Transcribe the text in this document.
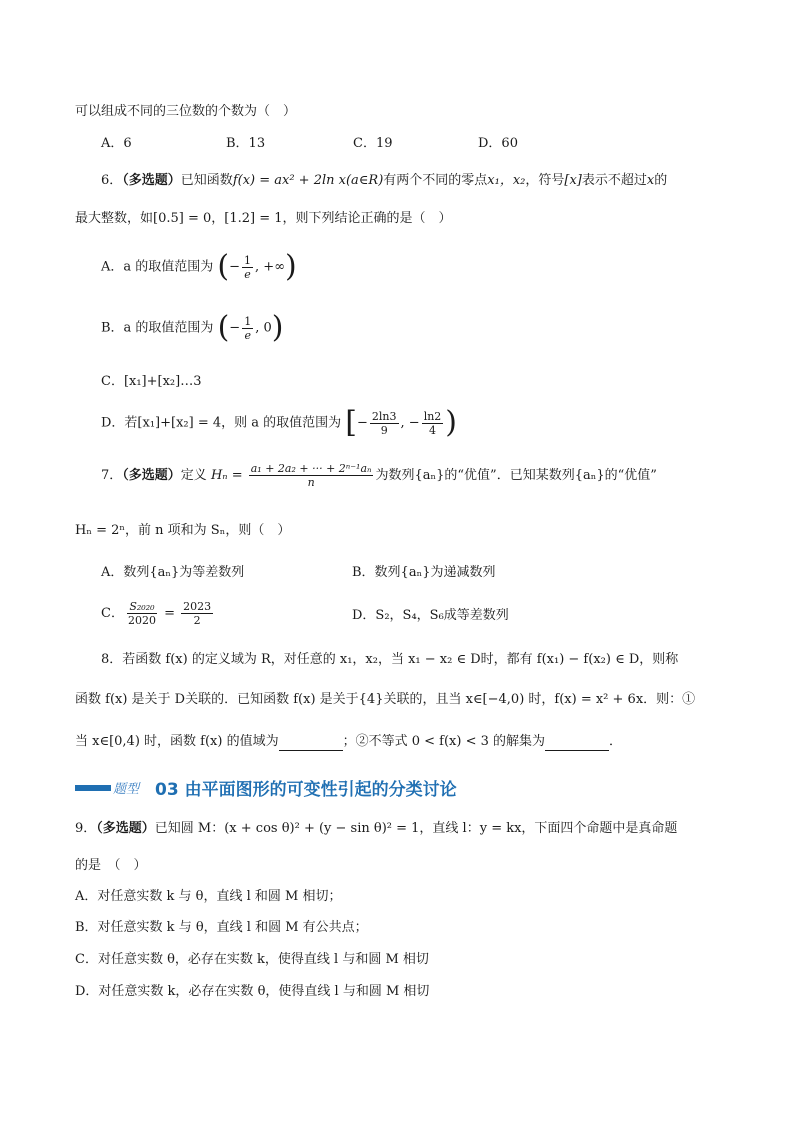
可以组成不同的三位数的个数为（　）
A．6	B．13	C．19	D．60
6．（多选题）已知函数f(x) = ax² + 2ln x(a∈R)有两个不同的零点x₁，x₂，符号[x]表示不超过x的
最大整数，如[0.5] = 0，[1.2] = 1，则下列结论正确的是（　）
A．a 的取值范围为 (− $\frac{1}{e}$ , +∞)
B．a 的取值范围为 (− $\frac{1}{e}$ , 0)
C．[x₁]+[x₂]…3
D．若[x₁]+[x₂] = 4，则 a 的取值范围为 [− $\frac{2\ln 3}{9}$ , − $\frac{\ln 2}{4}$ )
7．（多选题）定义 $H_n = \frac{\text{a₁ + 2a₂ + ··· + 2ⁿ⁻¹aₙ}}{n}$ 为数列{aₙ}的“优值”．已知某数列{aₙ}的“优值”
Hₙ = 2ⁿ，前 n 项和为 Sₙ，则（　）
A．数列{aₙ}为等差数列	B．数列{aₙ}为递减数列
C． $\frac{\text{S₂₀₂₀}}{2020} = \frac{2023}{2}$	D．S₂，S₄，S₆成等差数列
8．若函数 f(x) 的定义域为 R，对任意的 x₁，x₂，当 x₁ − x₂ ∈ D时，都有 f(x₁) − f(x₂) ∈ D，则称
函数 f(x) 是关于 D关联的．已知函数 f(x) 是关于{4}关联的，且当 x∈[−4,0) 时，f(x) = x² + 6x．则：①
当 x∈[0,4) 时，函数 f(x) 的值域为	；②不等式 0 < f(x) < 3 的解集为	．
题型 03 由平面图形的可变性引起的分类讨论
9．（多选题）已知圆 M：(x + cos θ)² + (y − sin θ)² = 1，直线 l：y = kx，下面四个命题中是真命题
的是　（　）
A．对任意实数 k 与 θ，直线 l 和圆 M 相切；
B．对任意实数 k 与 θ，直线 l 和圆 M 有公共点；
C．对任意实数 θ，必存在实数 k，使得直线 l 与和圆 M 相切
D．对任意实数 k，必存在实数 θ，使得直线 l 与和圆 M 相切
